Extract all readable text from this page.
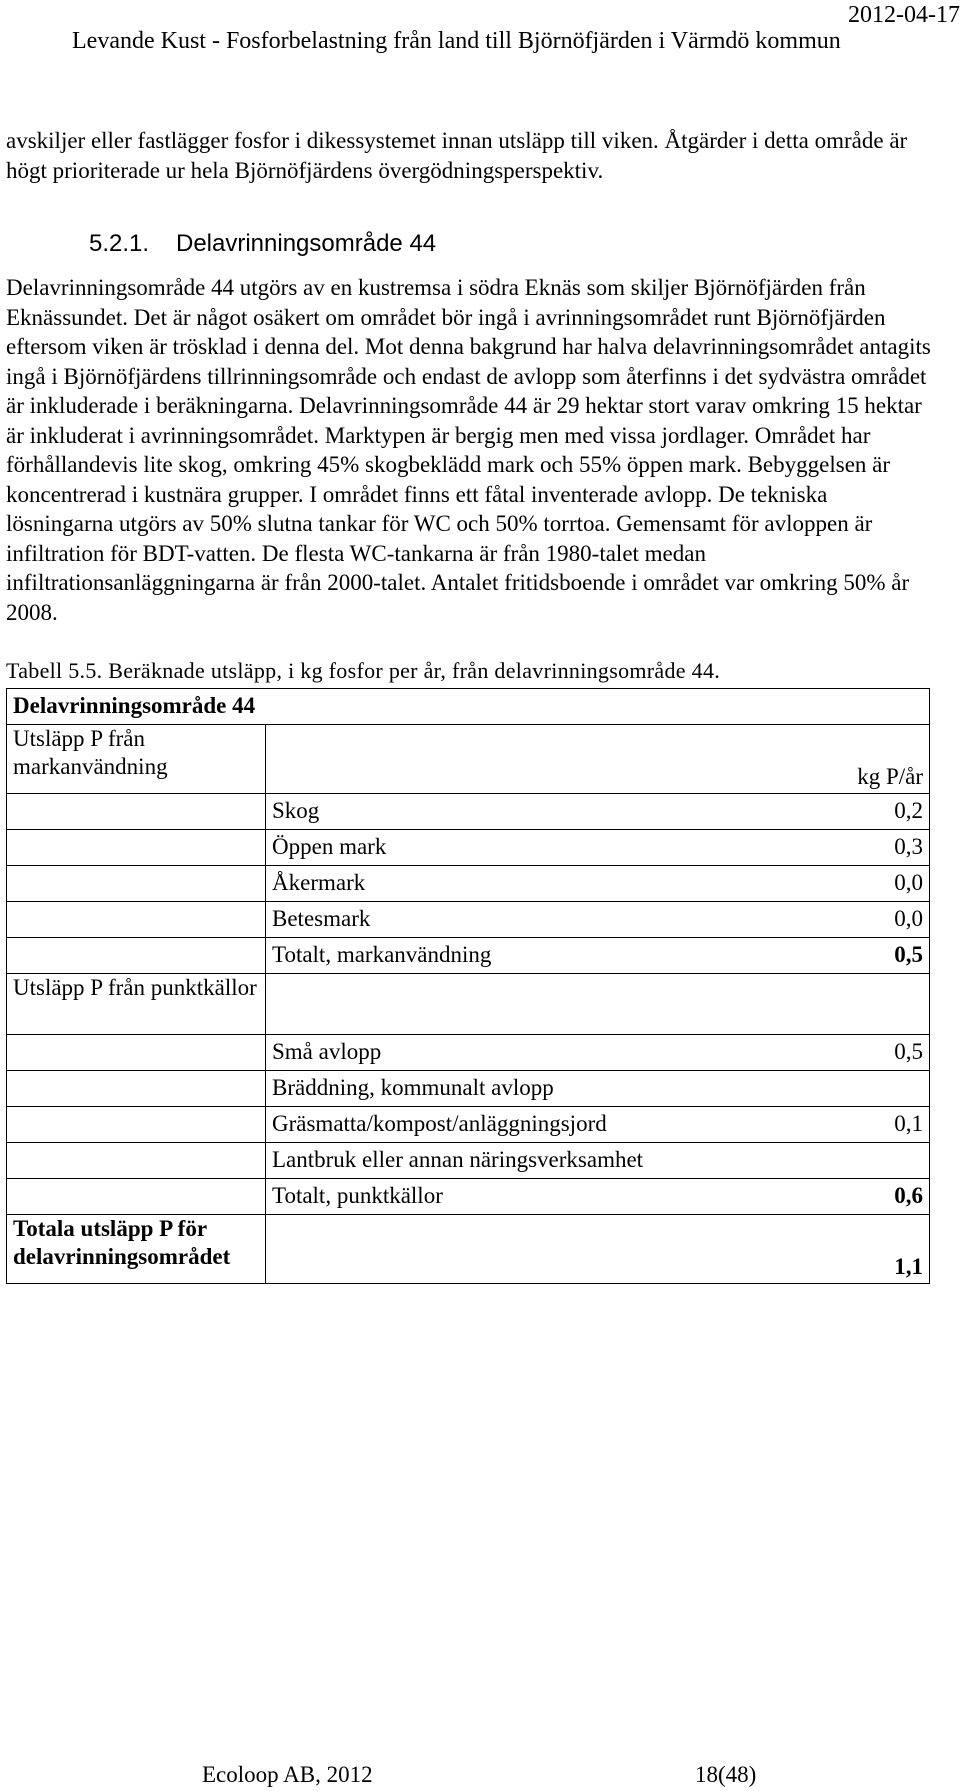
2012-04-17
Levande Kust - Fosforbelastning från land till Björnöfjärden i Värmdö kommun

avskiljer eller fastlägger fosfor i dikessystemet innan utsläpp till viken. Åtgärder i detta område är högt prioriterade ur hela Björnöfjärdens övergödningsperspektiv.

5.2.1. Delavrinningsområde 44

Delavrinningsområde 44 utgörs av en kustremsa i södra Eknäs som skiljer Björnöfjärden från Eknässundet. Det är något osäkert om området bör ingå i avrinningsområdet runt Björnöfjärden eftersom viken är trösklad i denna del. Mot denna bakgrund har halva delavrinningsområdet antagits ingå i Björnöfjärdens tillrinningsområde och endast de avlopp som återfinns i det sydvästra området är inkluderade i beräkningarna. Delavrinningsområde 44 är 29 hektar stort varav omkring 15 hektar är inkluderat i avrinningsområdet. Marktypen är bergig men med vissa jordlager. Området har förhållandevis lite skog, omkring 45% skogbeklädd mark och 55% öppen mark. Bebyggelsen är koncentrerad i kustnära grupper. I området finns ett fåtal inventerade avlopp. De tekniska lösningarna utgörs av 50% slutna tankar för WC och 50% torrtoa. Gemensamt för avloppen är infiltration för BDT-vatten. De flesta WC-tankarna är från 1980-talet medan infiltrationsanläggningarna är från 2000-talet. Antalet fritidsboende i området var omkring 50% år 2008.

Tabell 5.5. Beräknade utsläpp, i kg fosfor per år, från delavrinningsområde 44.
Delavrinningsområde 44		
Utsläpp P från markanvändning		kg P/år
	Skog	0,2
	Öppen mark	0,3
	Åkermark	0,0
	Betesmark	0,0
	Totalt, markanvändning	0,5
Utsläpp P från punktkällor		
	Små avlopp	0,5
	Bräddning, kommunalt avlopp	
	Gräsmatta/kompost/anläggningsjord	0,1
	Lantbruk eller annan näringsverksamhet	
	Totalt, punktkällor	0,6
Totala utsläpp P för delavrinningsområdet		1,1
Ecoloop AB, 2012	18(48)
